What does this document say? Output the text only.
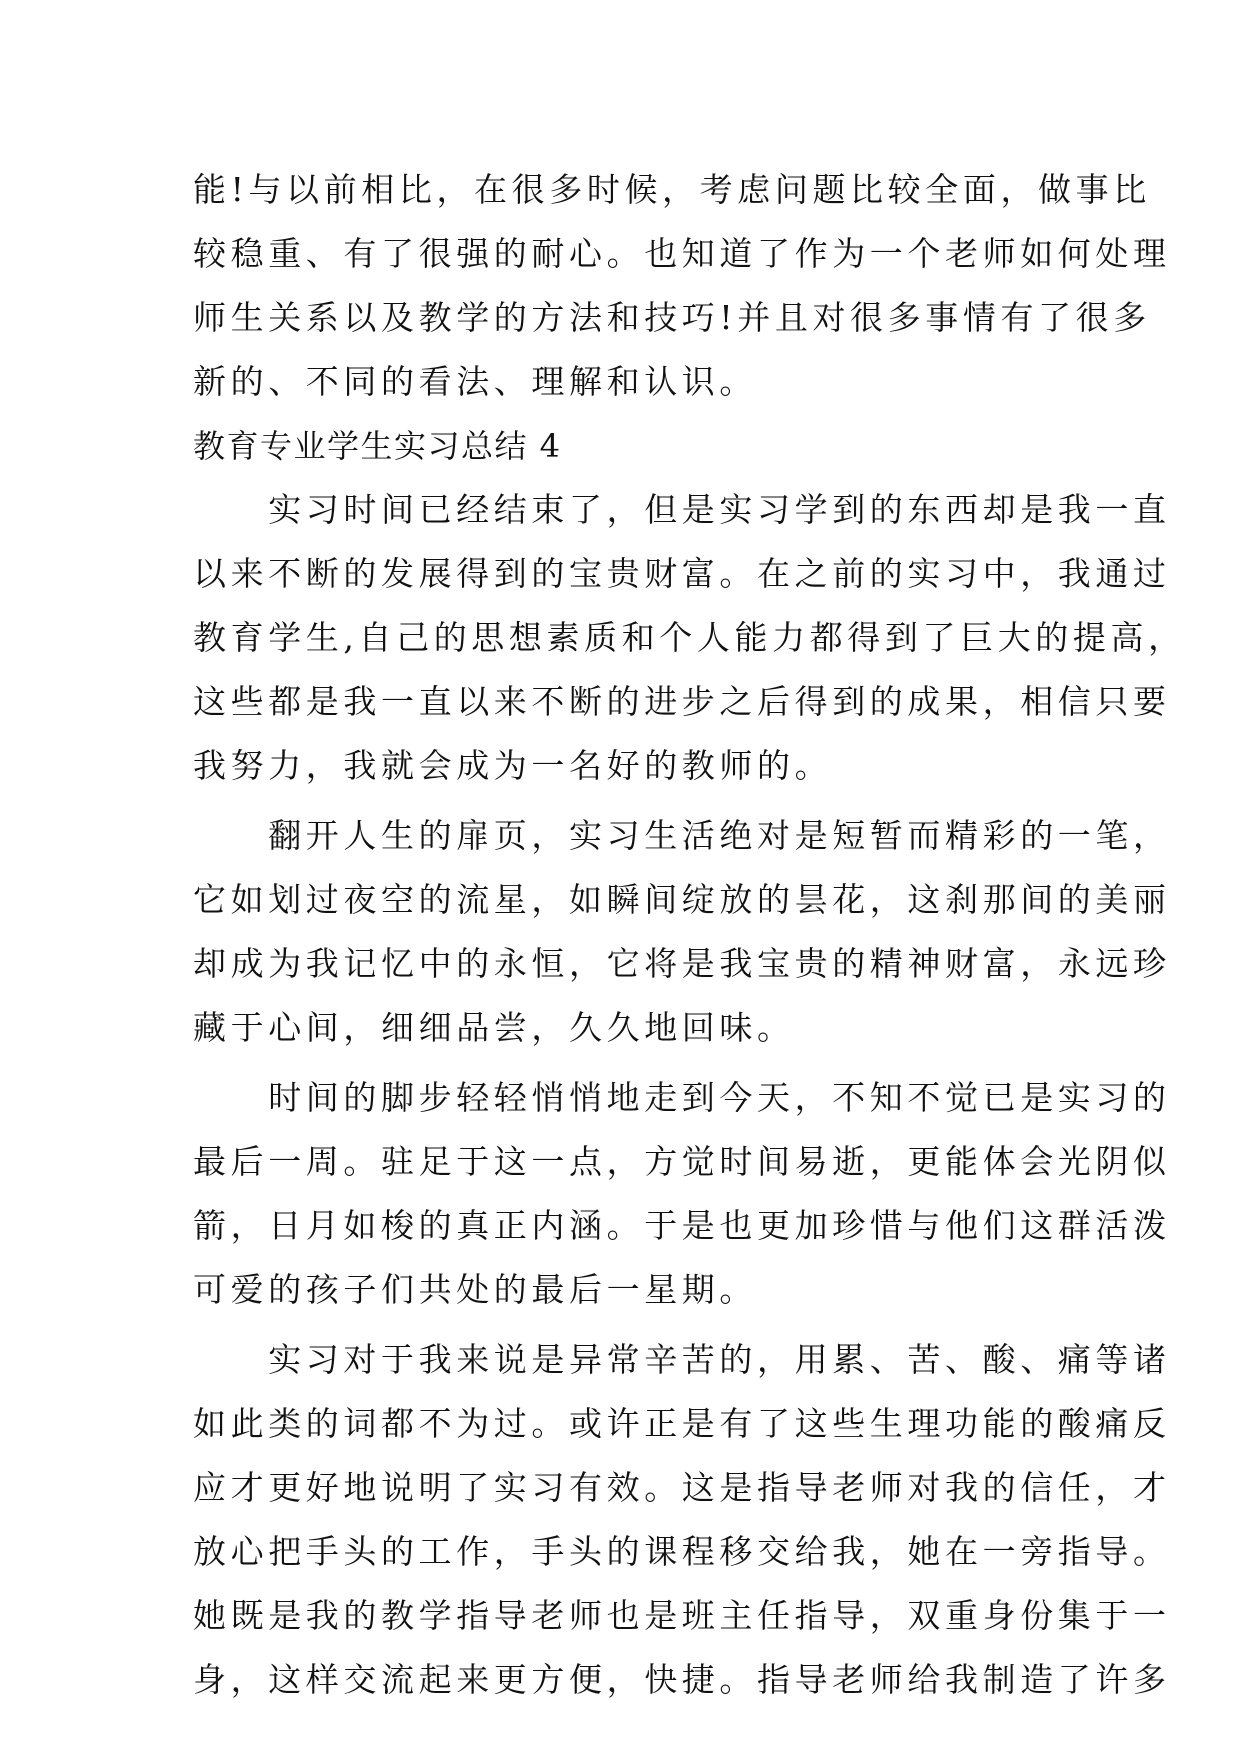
能!与以前相比，在很多时候，考虑问题比较全面，做事比
较稳重、有了很强的耐心。也知道了作为一个老师如何处理
师生关系以及教学的方法和技巧!并且对很多事情有了很多
新的、不同的看法、理解和认识。
教育专业学生实习总结 4
　　实习时间已经结束了，但是实习学到的东西却是我一直
以来不断的发展得到的宝贵财富。在之前的实习中，我通过
教育学生,自己的思想素质和个人能力都得到了巨大的提高，
这些都是我一直以来不断的进步之后得到的成果，相信只要
我努力，我就会成为一名好的教师的。
　　翻开人生的扉页，实习生活绝对是短暂而精彩的一笔，
它如划过夜空的流星，如瞬间绽放的昙花，这刹那间的美丽
却成为我记忆中的永恒，它将是我宝贵的精神财富，永远珍
藏于心间，细细品尝，久久地回味。
　　时间的脚步轻轻悄悄地走到今天，不知不觉已是实习的
最后一周。驻足于这一点，方觉时间易逝，更能体会光阴似
箭，日月如梭的真正内涵。于是也更加珍惜与他们这群活泼
可爱的孩子们共处的最后一星期。
　　实习对于我来说是异常辛苦的，用累、苦、酸、痛等诸
如此类的词都不为过。或许正是有了这些生理功能的酸痛反
应才更好地说明了实习有效。这是指导老师对我的信任，才
放心把手头的工作，手头的课程移交给我，她在一旁指导。
她既是我的教学指导老师也是班主任指导，双重身份集于一
身，这样交流起来更方便，快捷。指导老师给我制造了许多
